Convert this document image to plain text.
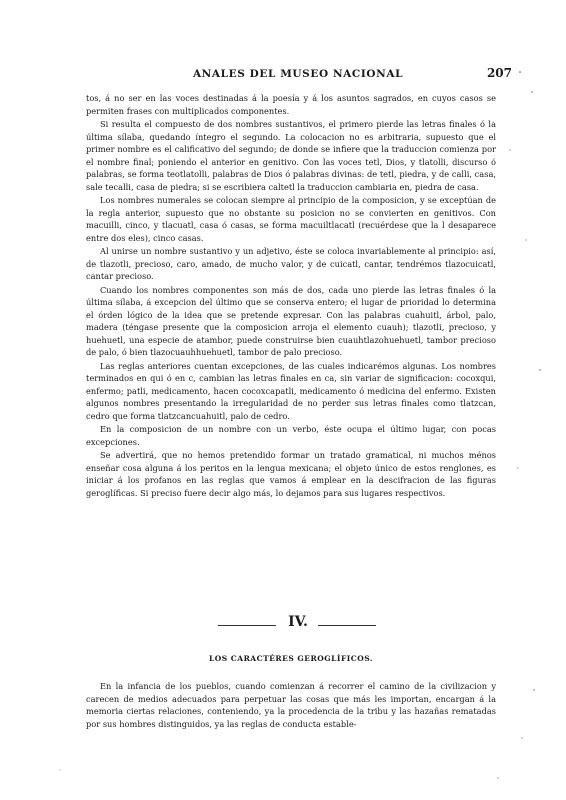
ANALES DEL MUSEO NACIONAL	207

tos, á no ser en las voces destinadas á la poesía y á los asuntos sagrados, en cuyos casos se permiten frases con multiplicados componentes.

Si resulta el compuesto de dos nombres sustantivos, el primero pierde las letras finales ó la última sílaba, quedando íntegro el segundo. La colocacion no es arbitraria, supuesto que el primer nombre es el calificativo del segundo; de donde se infiere que la traduccion comienza por el nombre final; poniendo el anterior en genitivo. Con las voces tetl, Dios, y tlatolli, discurso ó palabras, se forma teotlatolli, palabras de Dios ó palabras divinas: de tetl, piedra, y de calli, casa, sale tecalli, casa de piedra; si se escribiera caltetl la traduccion cambiaria en, piedra de casa.

Los nombres numerales se colocan siempre al principio de la composicion, y se exceptúan de la regla anterior, supuesto que no obstante su posicion no se convierten en genitivos. Con macuilli, cinco, y tlacuatl, casa ó casas, se forma macuiltlacatl (recuérdese que la l desaparece entre dos eles), cinco casas.

Al unirse un nombre sustantivo y un adjetivo, éste se coloca invariablemente al principio: así, de tlazotli, precioso, caro, amado, de mucho valor, y de cuicatl, cantar, tendrémos tlazocuicatl, cantar precioso.

Cuando los nombres componentes son más de dos, cada uno pierde las letras finales ó la última sílaba, á excepcion del último que se conserva entero; el lugar de prioridad lo determina el órden lógico de la idea que se pretende expresar. Con las palabras cuahuitl, árbol, palo, madera (téngase presente que la composicion arroja el elemento cuauh); tlazotli, precioso, y huehuetl, una especie de atambor, puede construirse bien cuauhtlazohuehuetl, tambor precioso de palo, ó bien tlazocuauhhuehuetl, tambor de palo precioso.

Las reglas anteriores cuentan excepciones, de las cuales indicarémos algunas. Los nombres terminados en qui ó en c, cambian las letras finales en ca, sin variar de significacion: cocoxqui, enfermo; patli, medicamento, hacen cocoxcapatli, medicamento ó medicina del enfermo. Existen algunos nombres presentando la irregularidad de no perder sus letras finales como tlatzcan, cedro que forma tlatzcancuahuitl, palo de cedro.

En la composicion de un nombre con un verbo, éste ocupa el último lugar, con pocas excepciones.

Se advertirá, que no hemos pretendido formar un tratado gramatical, ni muchos ménos enseñar cosa alguna á los peritos en la lengua mexicana; el objeto único de estos renglones, es iniciar á los profanos en las reglas que vamos á emplear en la descifracion de las figuras geroglíficas. Si preciso fuere decir algo más, lo dejamos para sus lugares respectivos.

IV.
LOS CARACTÉRES GEROGLÍFICOS.

En la infancia de los pueblos, cuando comienzan á recorrer el camino de la civilizacion y carecen de medios adecuados para perpetuar las cosas que más les importan, encargan á la memoria ciertas relaciones, conteniendo, ya la procedencia de la tribu y las hazañas rematadas por sus hombres distinguidos, ya las reglas de conducta estable-
